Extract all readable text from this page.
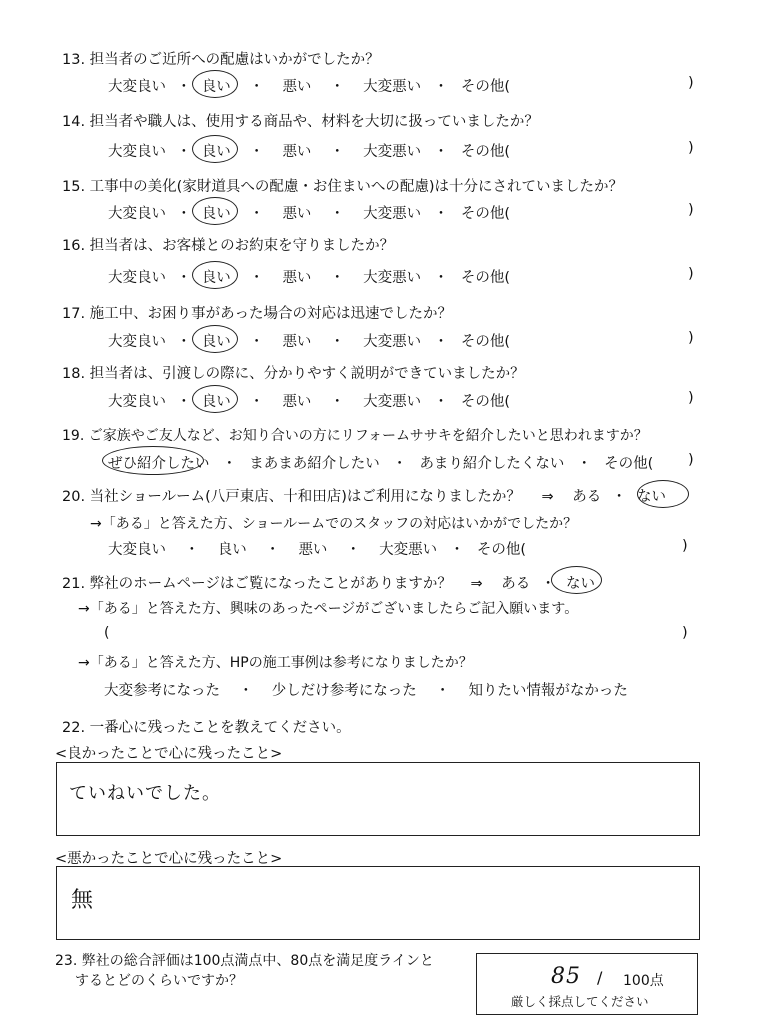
13. 担当者のご近所への配慮はいかがでしたか？
大変良い ・ 良い ・ 悪い ・ 大変悪い ・ その他(	)
14. 担当者や職人は、使用する商品や、材料を大切に扱っていましたか？
大変良い ・ 良い ・ 悪い ・ 大変悪い ・ その他(	)
15. 工事中の美化(家財道具への配慮・お住まいへの配慮)は十分にされていましたか？
大変良い ・ 良い ・ 悪い ・ 大変悪い ・ その他(	)
16. 担当者は、お客様とのお約束を守りましたか？
大変良い ・ 良い ・ 悪い ・ 大変悪い ・ その他(	)
17. 施工中、お困り事があった場合の対応は迅速でしたか？
大変良い ・ 良い ・ 悪い ・ 大変悪い ・ その他(	)
18. 担当者は、引渡しの際に、分かりやすく説明ができていましたか？
大変良い ・ 良い ・ 悪い ・ 大変悪い ・ その他(	)
19. ご家族やご友人など、お知り合いの方にリフォームササキを紹介したいと思われますか？
ぜひ紹介したい ・ まあまあ紹介したい ・ あまり紹介したくない ・ その他( )
20. 当社ショールーム(八戸東店、十和田店)はご利用になりましたか？ ⇒ ある ・ ない
→「ある」と答えた方、ショールームでのスタッフの対応はいかがでしたか？
大変良い ・ 良い ・ 悪い ・ 大変悪い ・ その他(	)
21. 弊社のホームページはご覧になったことがありますか？ ⇒ ある ・ ない
→「ある」と答えた方、興味のあったページがございましたらご記入願います。
(	)
→「ある」と答えた方、HPの施工事例は参考になりましたか？
大変参考になった ・ 少しだけ参考になった ・ 知りたい情報がなかった
22. 一番心に残ったことを教えてください。
<良かったことで心に残ったこと>
ていねいでした。
<悪かったことで心に残ったこと>
無
23. 弊社の総合評価は100点満点中、80点を満足度ラインと
するとどのくらいですか？	85 / 100点
厳しく採点してください
